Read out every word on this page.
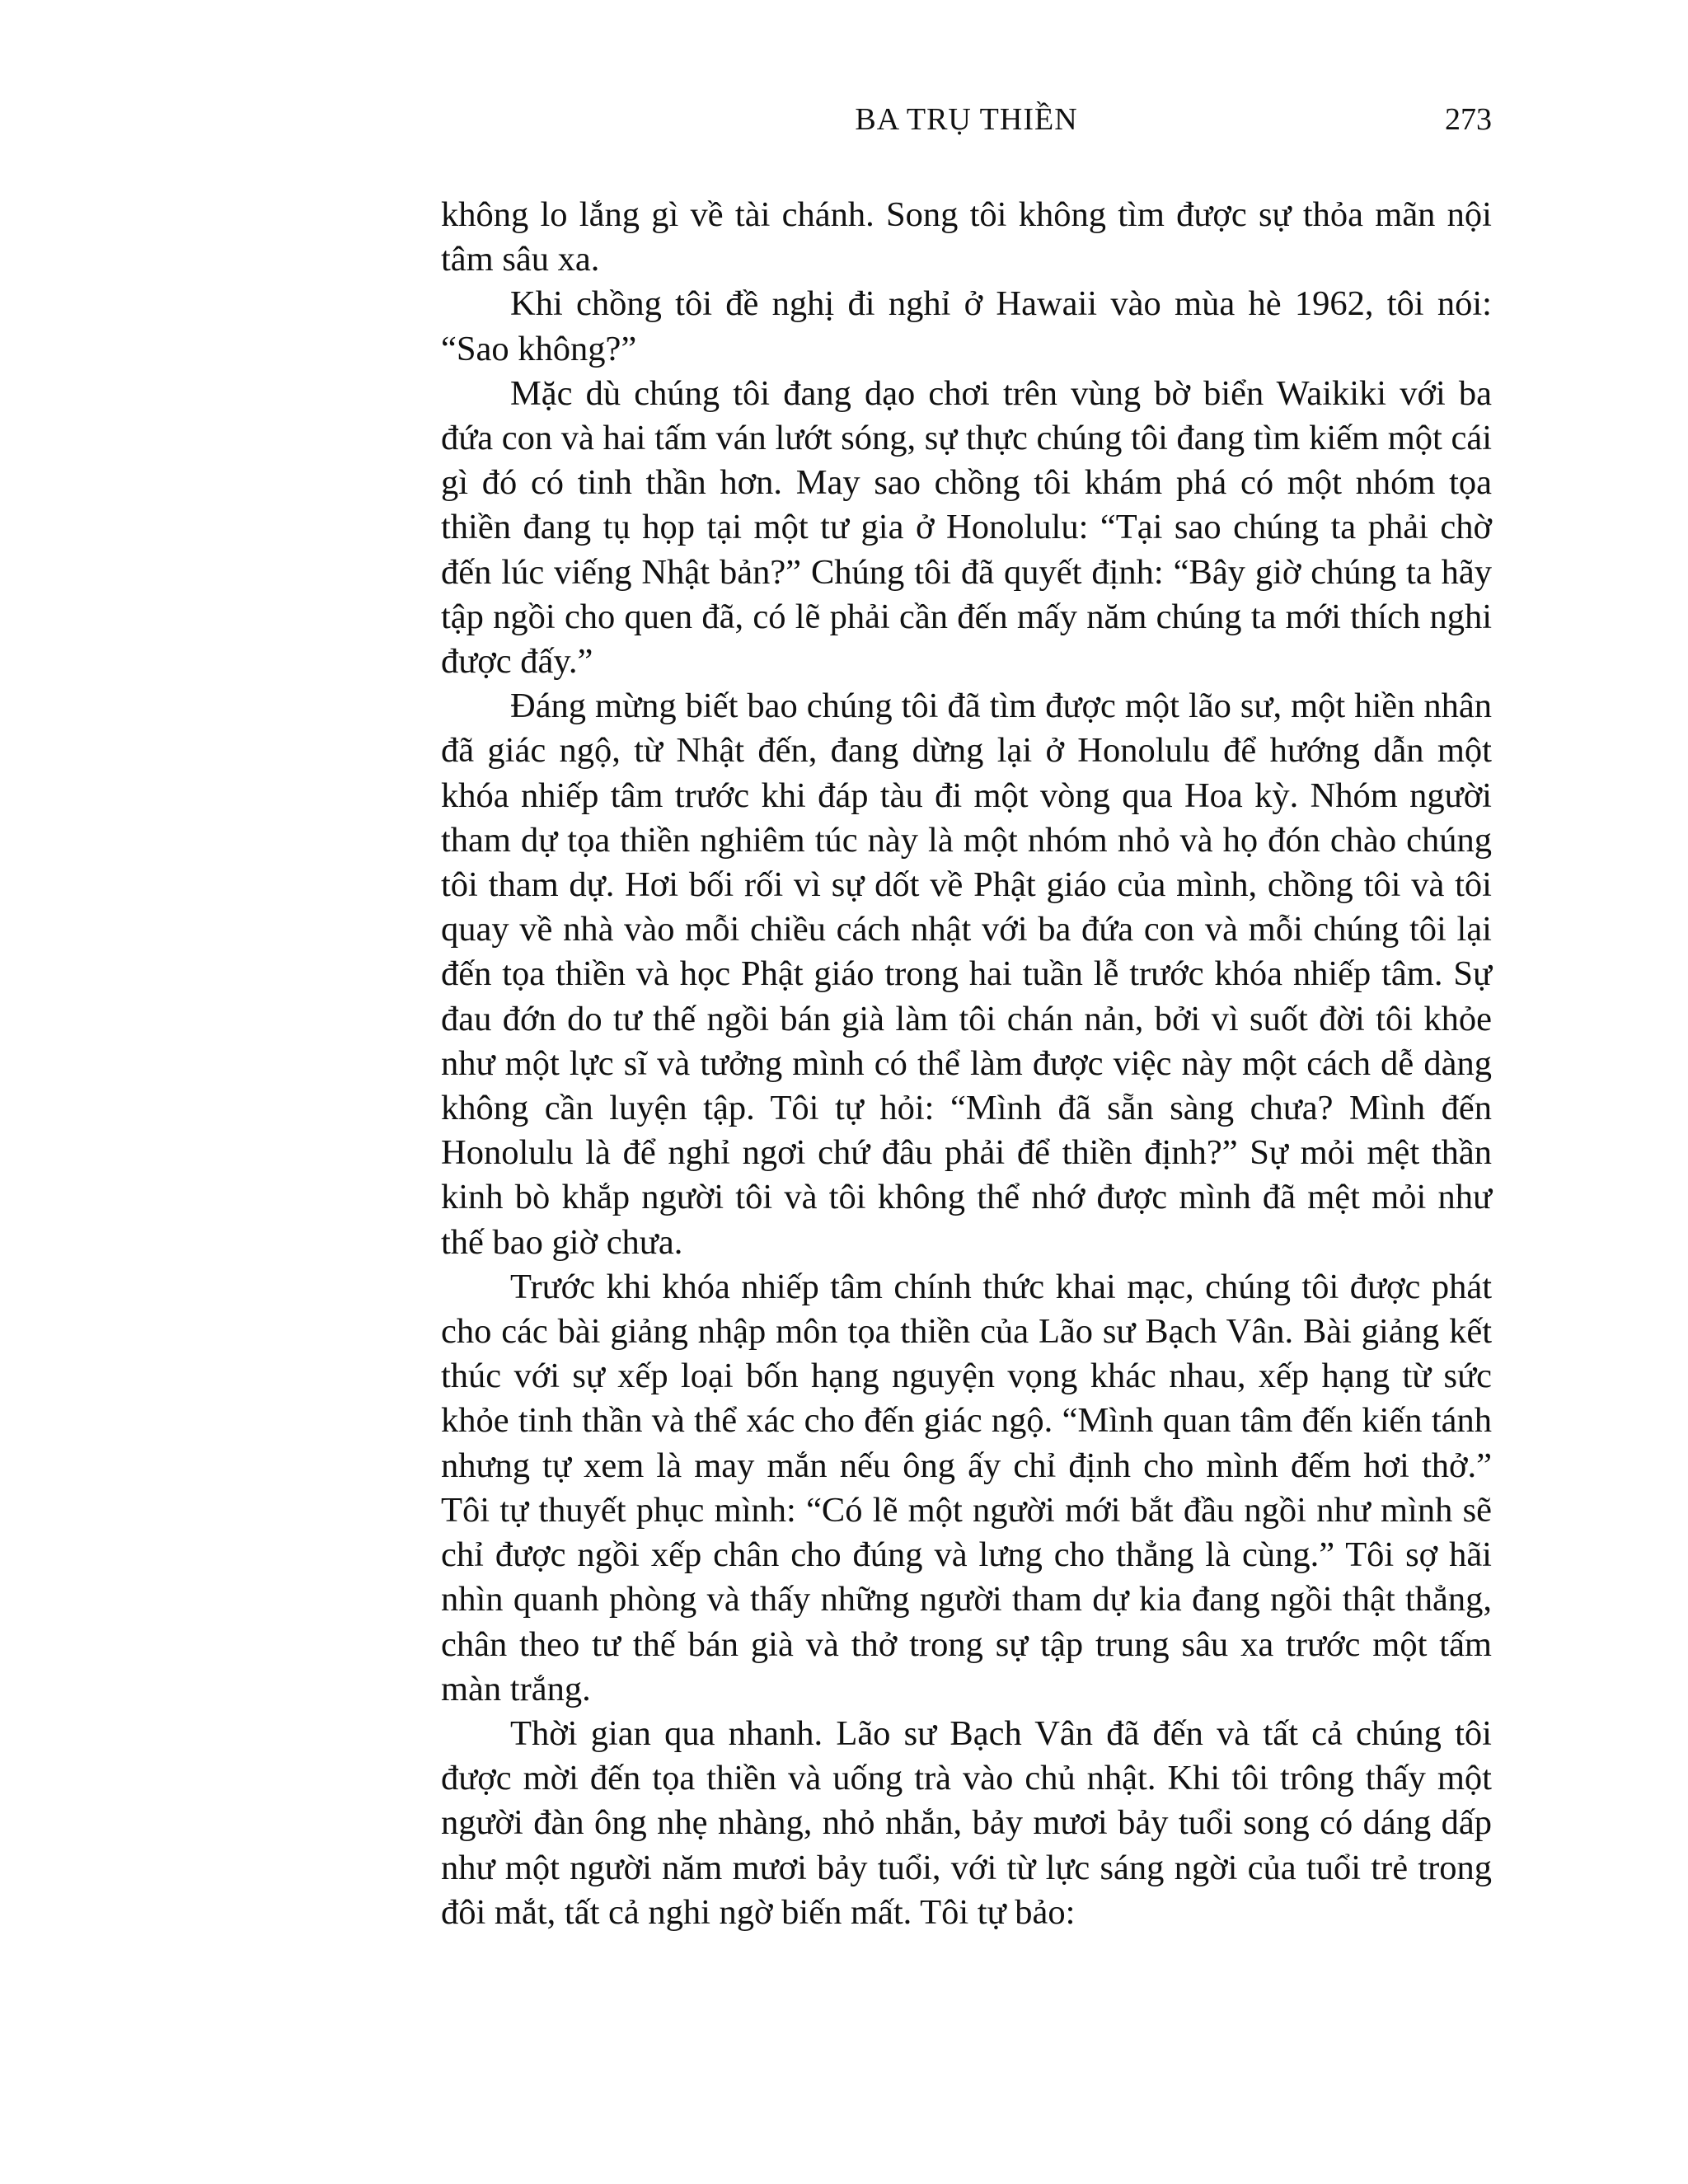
BA TRỤ THIỀN	273

không lo lắng gì về tài chánh. Song tôi không tìm được sự thỏa mãn nội tâm sâu xa.

Khi chồng tôi đề nghị đi nghỉ ở Hawaii vào mùa hè 1962, tôi nói: “Sao không?”

Mặc dù chúng tôi đang dạo chơi trên vùng bờ biển Waikiki với ba đứa con và hai tấm ván lướt sóng, sự thực chúng tôi đang tìm kiếm một cái gì đó có tinh thần hơn. May sao chồng tôi khám phá có một nhóm tọa thiền đang tụ họp tại một tư gia ở Honolulu: “Tại sao chúng ta phải chờ đến lúc viếng Nhật bản?” Chúng tôi đã quyết định: “Bây giờ chúng ta hãy tập ngồi cho quen đã, có lẽ phải cần đến mấy năm chúng ta mới thích nghi được đấy.”

Đáng mừng biết bao chúng tôi đã tìm được một lão sư, một hiền nhân đã giác ngộ, từ Nhật đến, đang dừng lại ở Honolulu để hướng dẫn một khóa nhiếp tâm trước khi đáp tàu đi một vòng qua Hoa kỳ. Nhóm người tham dự tọa thiền nghiêm túc này là một nhóm nhỏ và họ đón chào chúng tôi tham dự. Hơi bối rối vì sự dốt về Phật giáo của mình, chồng tôi và tôi quay về nhà vào mỗi chiều cách nhật với ba đứa con và mỗi chúng tôi lại đến tọa thiền và học Phật giáo trong hai tuần lễ trước khóa nhiếp tâm. Sự đau đớn do tư thế ngồi bán già làm tôi chán nản, bởi vì suốt đời tôi khỏe như một lực sĩ và tưởng mình có thể làm được việc này một cách dễ dàng không cần luyện tập. Tôi tự hỏi: “Mình đã sẵn sàng chưa? Mình đến Honolulu là để nghỉ ngơi chứ đâu phải để thiền định?” Sự mỏi mệt thần kinh bò khắp người tôi và tôi không thể nhớ được mình đã mệt mỏi như thế bao giờ chưa.

Trước khi khóa nhiếp tâm chính thức khai mạc, chúng tôi được phát cho các bài giảng nhập môn tọa thiền của Lão sư Bạch Vân. Bài giảng kết thúc với sự xếp loại bốn hạng nguyện vọng khác nhau, xếp hạng từ sức khỏe tinh thần và thể xác cho đến giác ngộ. “Mình quan tâm đến kiến tánh nhưng tự xem là may mắn nếu ông ấy chỉ định cho mình đếm hơi thở.” Tôi tự thuyết phục mình: “Có lẽ một người mới bắt đầu ngồi như mình sẽ chỉ được ngồi xếp chân cho đúng và lưng cho thẳng là cùng.” Tôi sợ hãi nhìn quanh phòng và thấy những người tham dự kia đang ngồi thật thẳng, chân theo tư thế bán già và thở trong sự tập trung sâu xa trước một tấm màn trắng.

Thời gian qua nhanh. Lão sư Bạch Vân đã đến và tất cả chúng tôi được mời đến tọa thiền và uống trà vào chủ nhật. Khi tôi trông thấy một người đàn ông nhẹ nhàng, nhỏ nhắn, bảy mươi bảy tuổi song có dáng dấp như một người năm mươi bảy tuổi, với từ lực sáng ngời của tuổi trẻ trong đôi mắt, tất cả nghi ngờ biến mất. Tôi tự bảo:
